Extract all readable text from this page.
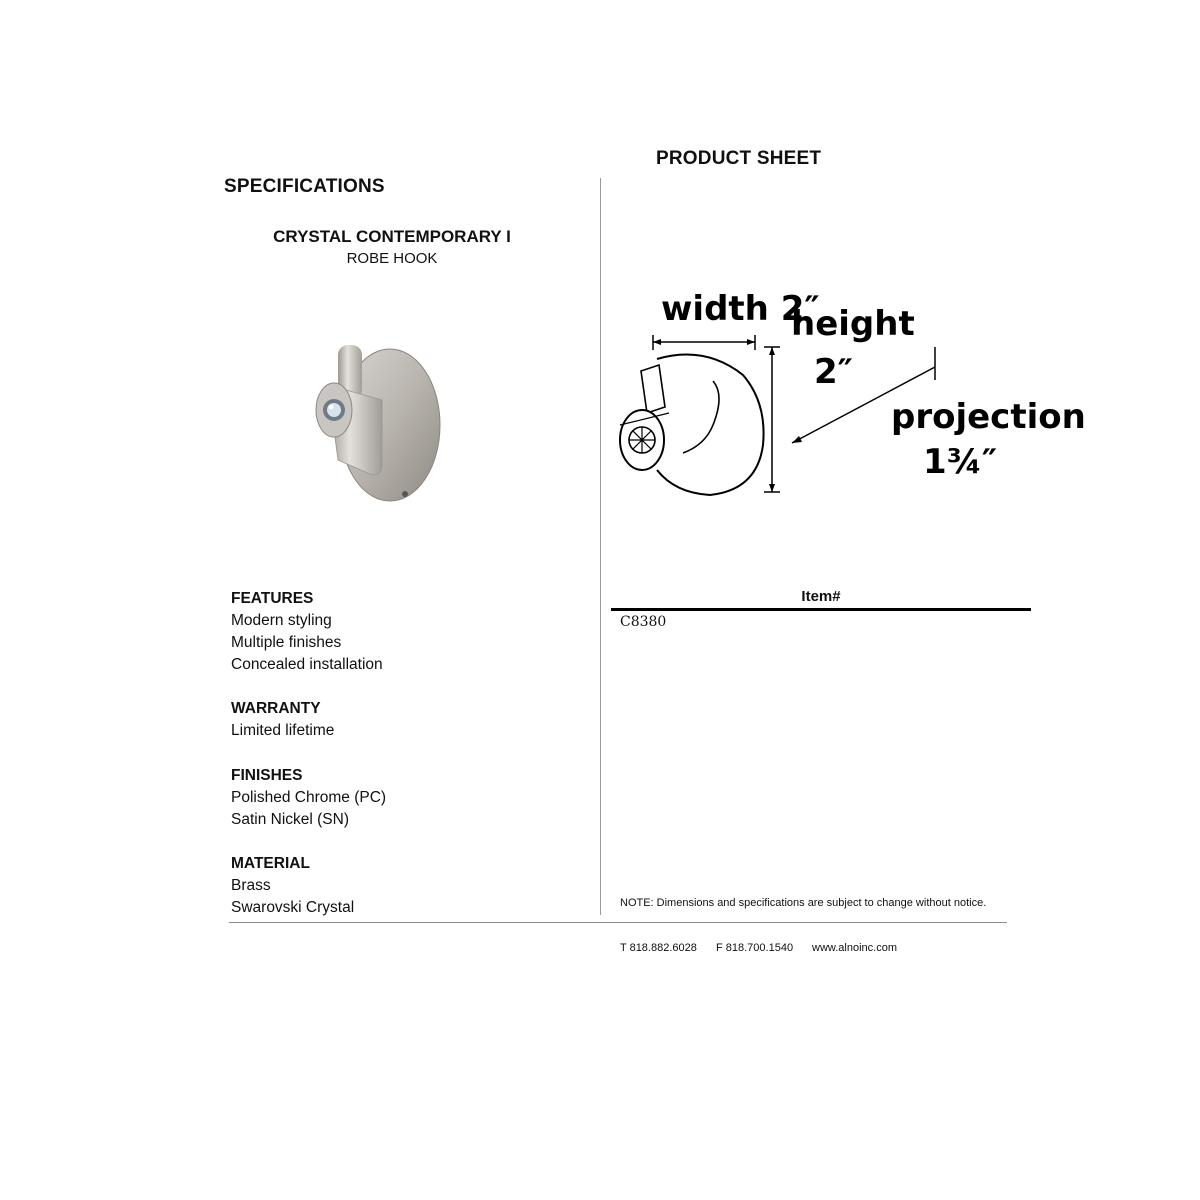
PRODUCT SHEET
SPECIFICATIONS
CRYSTAL CONTEMPORARY I
ROBE HOOK
width 2″
height
2″
projection
1¾″
FEATURES
Modern styling
Multiple finishes
Concealed installation
WARRANTY
Limited lifetime
FINISHES
Polished Chrome (PC)
Satin Nickel (SN)
MATERIAL
Brass
Swarovski Crystal
Item#
C8380
NOTE: Dimensions and specifications are subject to change without notice.
T 818.882.6028 F 818.700.1540 www.alnoinc.com
